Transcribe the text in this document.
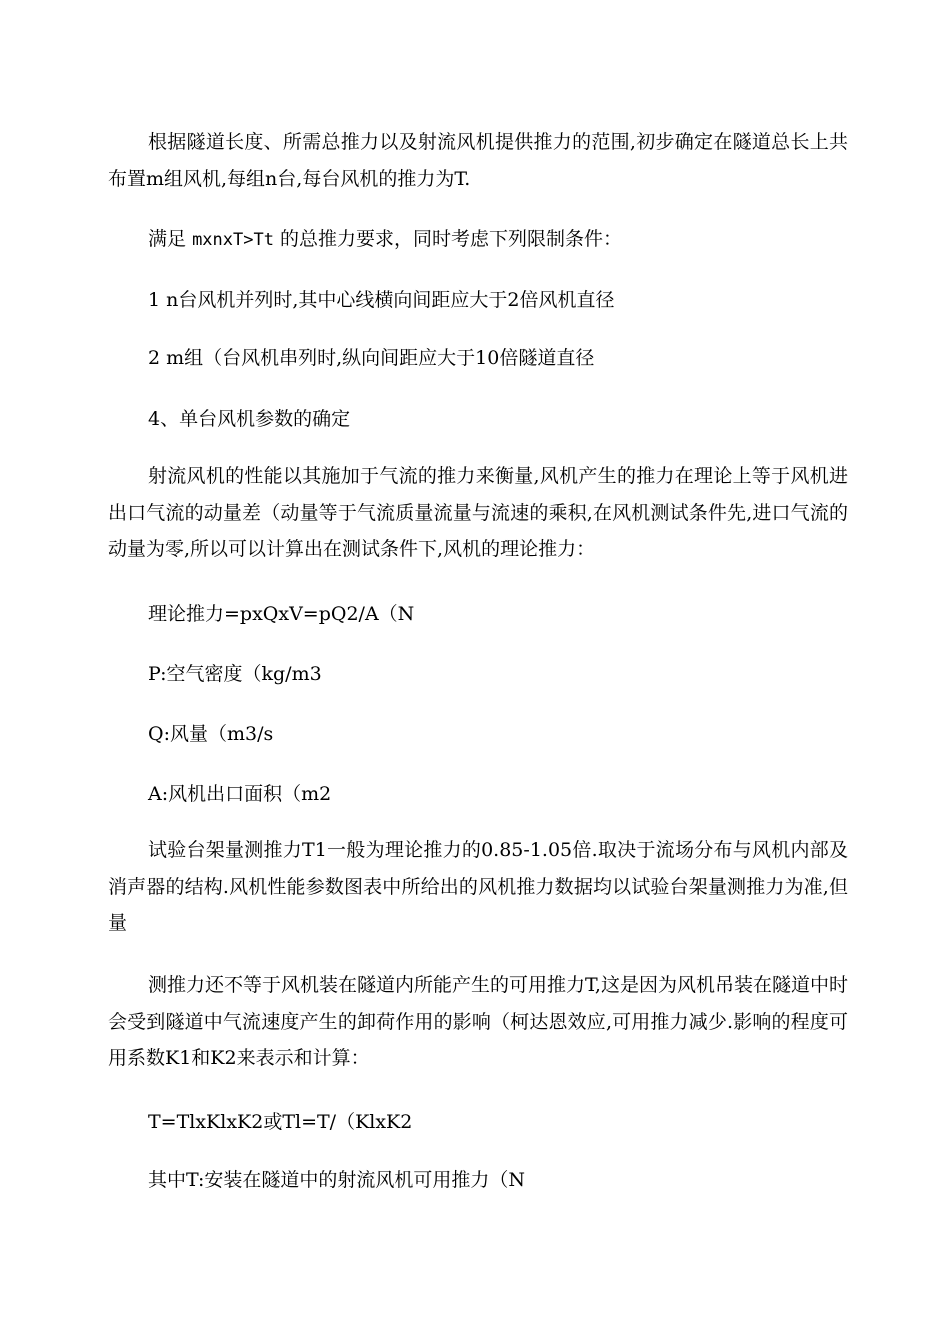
根据隧道长度、所需总推力以及射流风机提供推力的范围,初步确定在隧道总长上共布置m组风机,每组n台,每台风机的推力为T.

满足 mxnxT>Tt 的总推力要求，同时考虑下列限制条件：

1 n台风机并列时,其中心线横向间距应大于2倍风机直径

2 m组（台风机串列时,纵向间距应大于10倍隧道直径

4、单台风机参数的确定

射流风机的性能以其施加于气流的推力来衡量,风机产生的推力在理论上等于风机进出口气流的动量差（动量等于气流质量流量与流速的乘积,在风机测试条件先,进口气流的动量为零,所以可以计算出在测试条件下,风机的理论推力：

理论推力=pxQxV=pQ2/A（N

P:空气密度（kg/m3

Q:风量（m3/s

A:风机出口面积（m2

试验台架量测推力T1一般为理论推力的0.85-1.05倍.取决于流场分布与风机内部及消声器的结构.风机性能参数图表中所给出的风机推力数据均以试验台架量测推力为准,但量

测推力还不等于风机装在隧道内所能产生的可用推力T,这是因为风机吊装在隧道中时会受到隧道中气流速度产生的卸荷作用的影响（柯达恩效应,可用推力减少.影响的程度可用系数K1和K2来表示和计算：

T=TlxKlxK2或Tl=T/（KlxK2

其中T:安装在隧道中的射流风机可用推力（N
